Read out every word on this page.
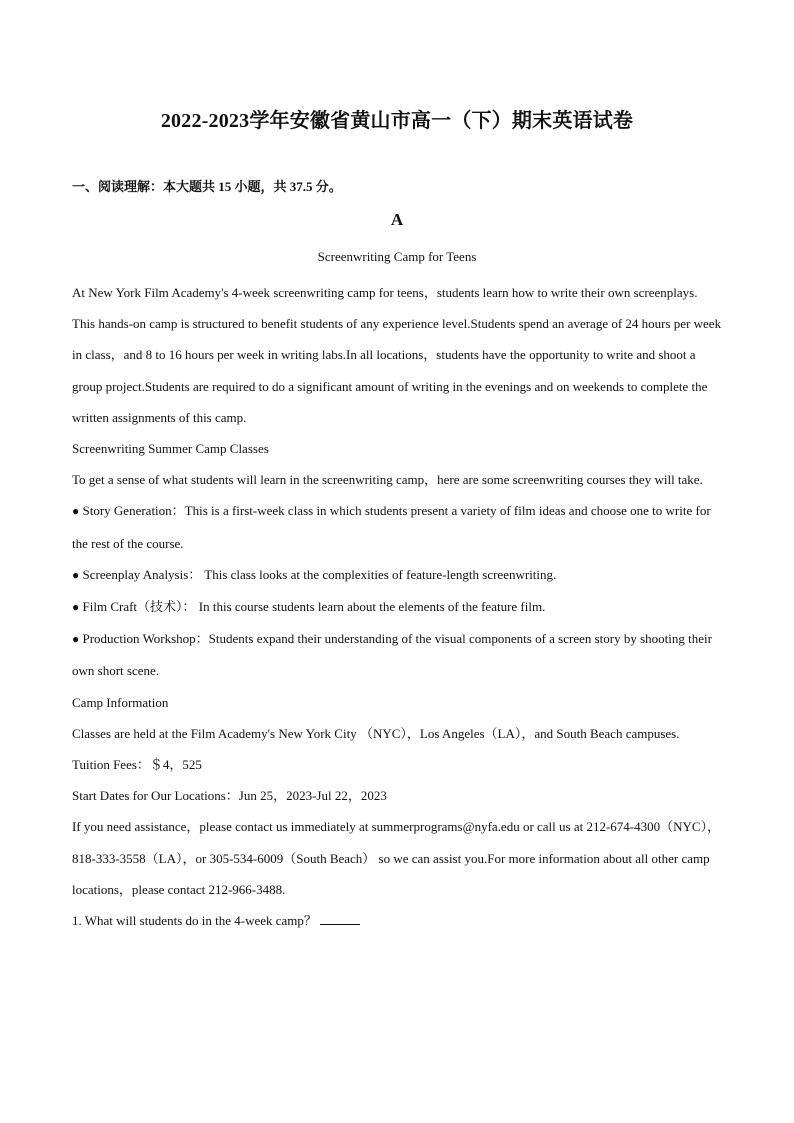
2022-2023学年安徽省黄山市高一（下）期末英语试卷
一、阅读理解：本大题共 15 小题，共 37.5 分。
A
Screenwriting Camp for Teens

At New York Film Academy's 4-week screenwriting camp for teens，students learn how to write their own screenplays.

This hands-on camp is structured to benefit students of any experience level.Students spend an average of 24 hours per week in class，and 8 to 16 hours per week in writing labs.In all locations，students have the opportunity to write and shoot a group project.Students are required to do a significant amount of writing in the evenings and on weekends to complete the written assignments of this camp.

Screenwriting Summer Camp Classes

To get a sense of what students will learn in the screenwriting camp，here are some screenwriting courses they will take.

● Story Generation：This is a first-week class in which students present a variety of film ideas and choose one to write for the rest of the course.

● Screenplay Analysis： This class looks at the complexities of feature-length screenwriting.

● Film Craft（技术）： In this course students learn about the elements of the feature film.

● Production Workshop：Students expand their understanding of the visual components of a screen story by shooting their own short scene.

Camp Information

Classes are held at the Film Academy's New York City （NYC），Los Angeles（LA），and South Beach campuses.

Tuition Fees：＄4，525

Start Dates for Our Locations：Jun 25，2023-Jul 22，2023

If you need assistance，please contact us immediately at summerprograms@nyfa.edu or call us at 212-674-4300（NYC），818-333-3558（LA），or 305-534-6009（South Beach） so we can assist you.For more information about all other camp locations，please contact 212-966-3488.

1. What will students do in the 4-week camp？
